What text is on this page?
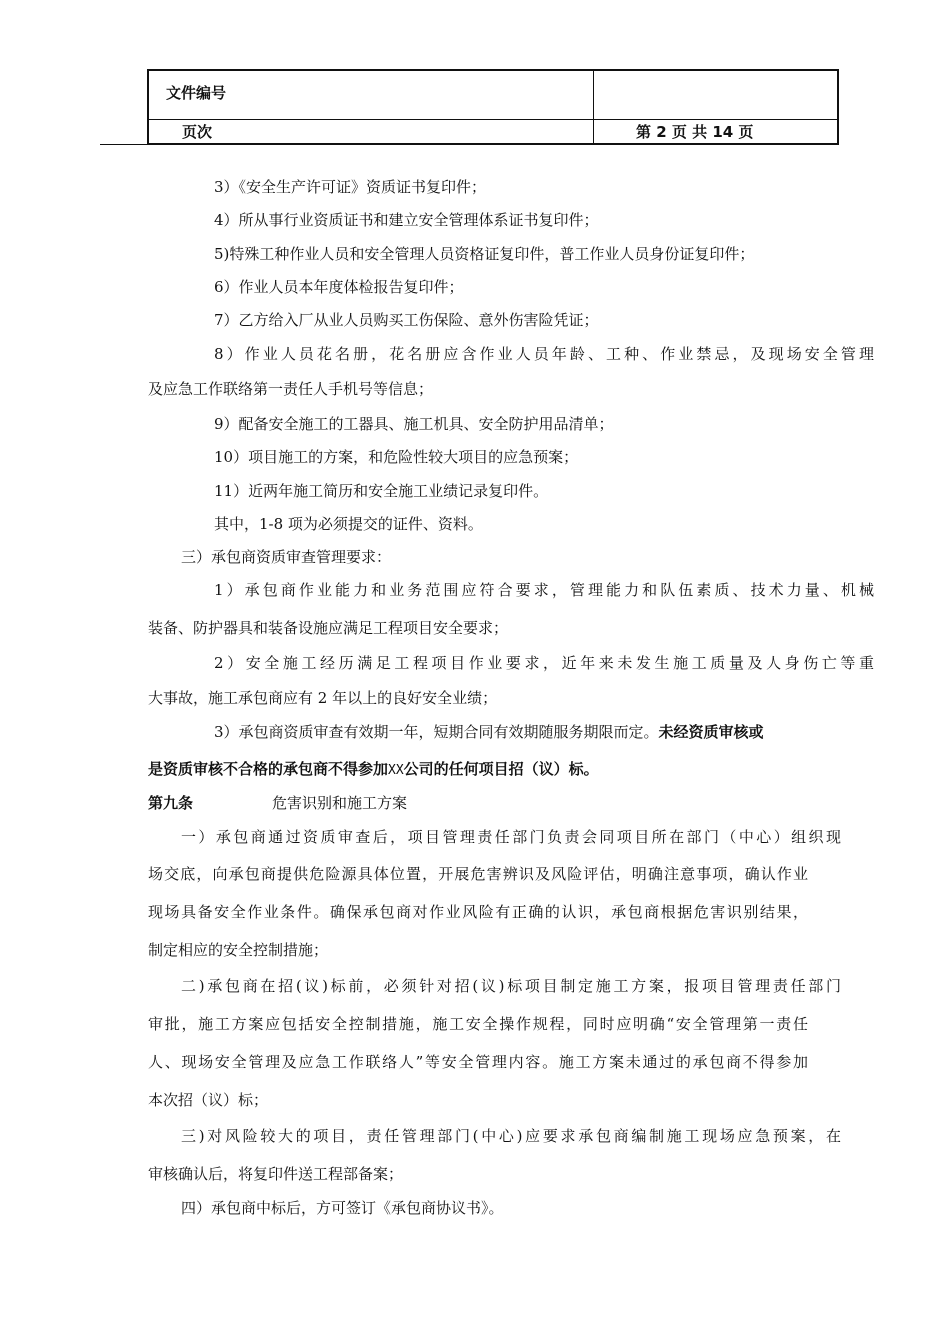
文件编号
页次	第 2 页 共 14 页
3）《安全生产许可证》资质证书复印件；
4）所从事行业资质证书和建立安全管理体系证书复印件；
5)特殊工种作业人员和安全管理人员资格证复印件，普工作业人员身份证复印件；
6）作业人员本年度体检报告复印件；
7）乙方给入厂从业人员购买工伤保险、意外伤害险凭证；
8）作业人员花名册，花名册应含作业人员年龄、工种、作业禁忌，及现场安全管理
及应急工作联络第一责任人手机号等信息；
9）配备安全施工的工器具、施工机具、安全防护用品清单；
10）项目施工的方案，和危险性较大项目的应急预案；
11）近两年施工简历和安全施工业绩记录复印件。
其中，1-8 项为必须提交的证件、资料。
三）承包商资质审查管理要求：
1）承包商作业能力和业务范围应符合要求，管理能力和队伍素质、技术力量、机械
装备、防护器具和装备设施应满足工程项目安全要求；
2）安全施工经历满足工程项目作业要求，近年来未发生施工质量及人身伤亡等重
大事故，施工承包商应有 2 年以上的良好安全业绩；
3）承包商资质审查有效期一年，短期合同有效期随服务期限而定。未经资质审核或
是资质审核不合格的承包商不得参加XX公司的任何项目招（议）标。
第九条	危害识别和施工方案
一）承包商通过资质审查后，项目管理责任部门负责会同项目所在部门（中心）组织现
场交底，向承包商提供危险源具体位置，开展危害辨识及风险评估，明确注意事项，确认作业
现场具备安全作业条件。确保承包商对作业风险有正确的认识，承包商根据危害识别结果，
制定相应的安全控制措施；
二)承包商在招(议)标前，必须针对招(议)标项目制定施工方案，报项目管理责任部门
审批，施工方案应包括安全控制措施，施工安全操作规程，同时应明确“安全管理第一责任
人、现场安全管理及应急工作联络人”等安全管理内容。施工方案未通过的承包商不得参加
本次招（议）标；
三)对风险较大的项目，责任管理部门(中心)应要求承包商编制施工现场应急预案，在
审核确认后，将复印件送工程部备案；
四）承包商中标后，方可签订《承包商协议书》。
